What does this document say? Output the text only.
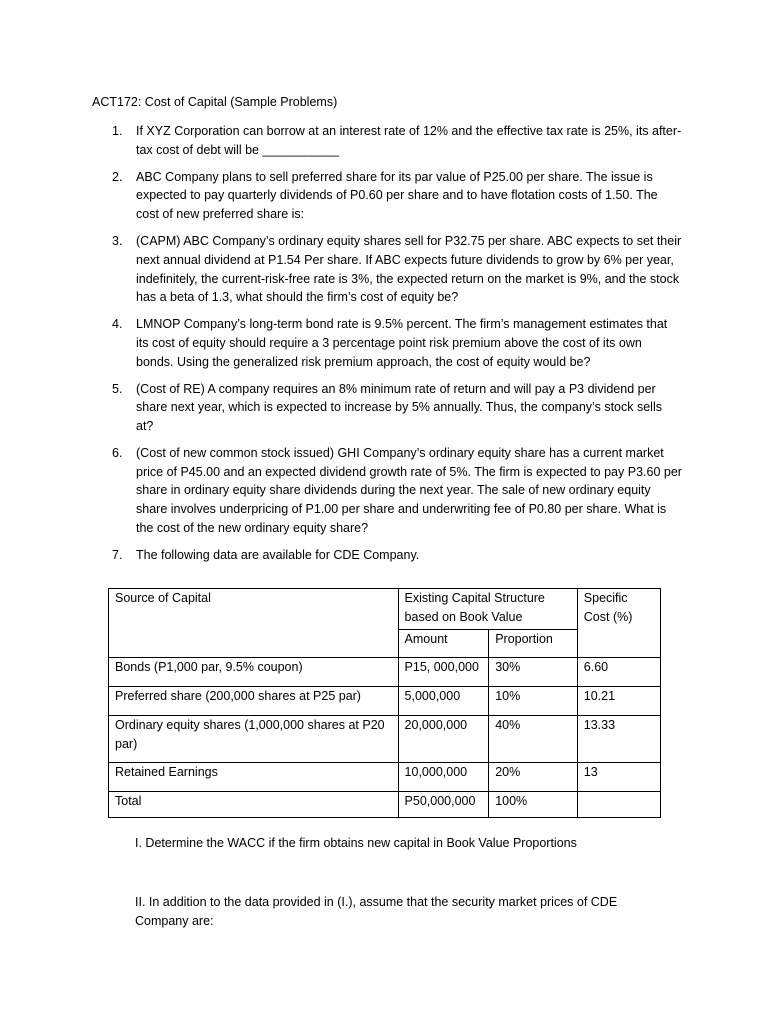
ACT172: Cost of Capital (Sample Problems)
1.	If XYZ Corporation can borrow at an interest rate of 12% and the effective tax rate is 25%, its after-tax cost of debt will be ___________
2.	ABC Company plans to sell preferred share for its par value of P25.00 per share. The issue is expected to pay quarterly dividends of P0.60 per share and to have flotation costs of 1.50. The cost of new preferred share is:
3.	(CAPM) ABC Company’s ordinary equity shares sell for P32.75 per share. ABC expects to set their next annual dividend at P1.54 Per share. If ABC expects future dividends to grow by 6% per year, indefinitely, the current-risk-free rate is 3%, the expected return on the market is 9%, and the stock has a beta of 1.3, what should the firm’s cost of equity be?
4.	LMNOP Company’s long-term bond rate is 9.5% percent. The firm’s management estimates that its cost of equity should require a 3 percentage point risk premium above the cost of its own bonds. Using the generalized risk premium approach, the cost of equity would be?
5.	(Cost of RE) A company requires an 8% minimum rate of return and will pay a P3 dividend per share next year, which is expected to increase by 5% annually. Thus, the company’s stock sells at?
6.	(Cost of new common stock issued) GHI Company’s ordinary equity share has a current market price of P45.00 and an expected dividend growth rate of 5%. The firm is expected to pay P3.60 per share in ordinary equity share dividends during the next year. The sale of new ordinary equity share involves underpricing of P1.00 per share and underwriting fee of P0.80 per share. What is the cost of the new ordinary equity share?
7.	The following data are available for CDE Company.
Source of Capital	Existing Capital Structure based on Book Value		Specific Cost (%)
	Amount	Proportion	
Bonds (P1,000 par, 9.5% coupon)	P15, 000,000	30%	6.60
Preferred share (200,000 shares at P25 par)	5,000,000	10%	10.21
Ordinary equity shares (1,000,000 shares at P20 par)	20,000,000	40%	13.33
Retained Earnings	10,000,000	20%	13
Total	P50,000,000	100%	
I. Determine the WACC if the firm obtains new capital in Book Value Proportions
II. In addition to the data provided in (I.), assume that the security market prices of CDE Company are:
